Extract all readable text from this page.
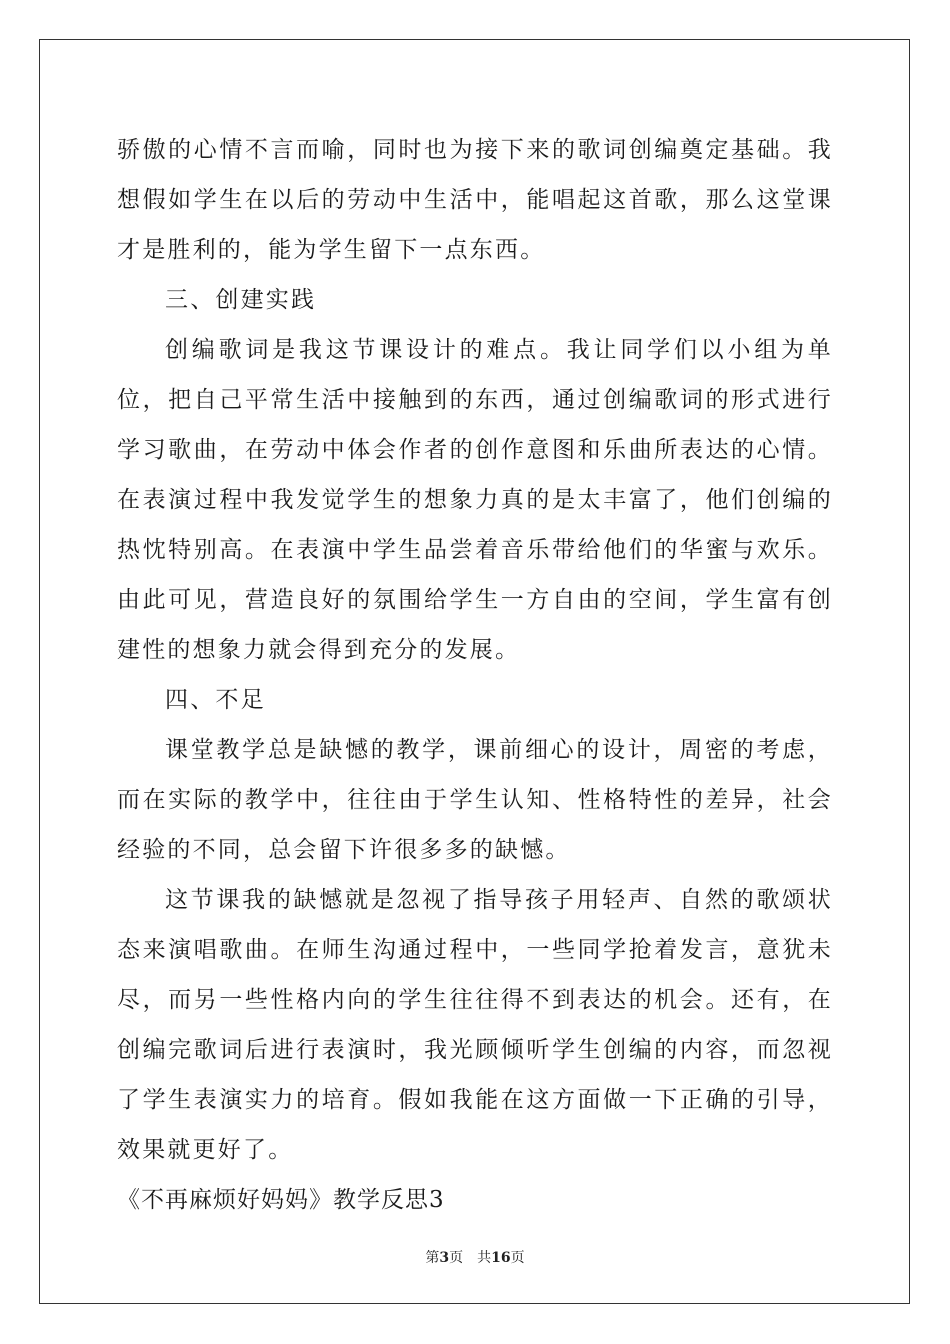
骄傲的心情不言而喻，同时也为接下来的歌词创编奠定基础。我想假如学生在以后的劳动中生活中，能唱起这首歌，那么这堂课才是胜利的，能为学生留下一点东西。

三、创建实践

创编歌词是我这节课设计的难点。我让同学们以小组为单位，把自己平常生活中接触到的东西，通过创编歌词的形式进行学习歌曲，在劳动中体会作者的创作意图和乐曲所表达的心情。在表演过程中我发觉学生的想象力真的是太丰富了，他们创编的热忱特别高。在表演中学生品尝着音乐带给他们的华蜜与欢乐。由此可见，营造良好的氛围给学生一方自由的空间，学生富有创建性的想象力就会得到充分的发展。

四、不足

课堂教学总是缺憾的教学，课前细心的设计，周密的考虑，而在实际的教学中，往往由于学生认知、性格特性的差异，社会经验的不同，总会留下许很多多的缺憾。

这节课我的缺憾就是忽视了指导孩子用轻声、自然的歌颂状态来演唱歌曲。在师生沟通过程中，一些同学抢着发言，意犹未尽，而另一些性格内向的学生往往得不到表达的机会。还有，在创编完歌词后进行表演时，我光顾倾听学生创编的内容，而忽视了学生表演实力的培育。假如我能在这方面做一下正确的引导，效果就更好了。

《不再麻烦好妈妈》教学反思3

第3页 共16页
